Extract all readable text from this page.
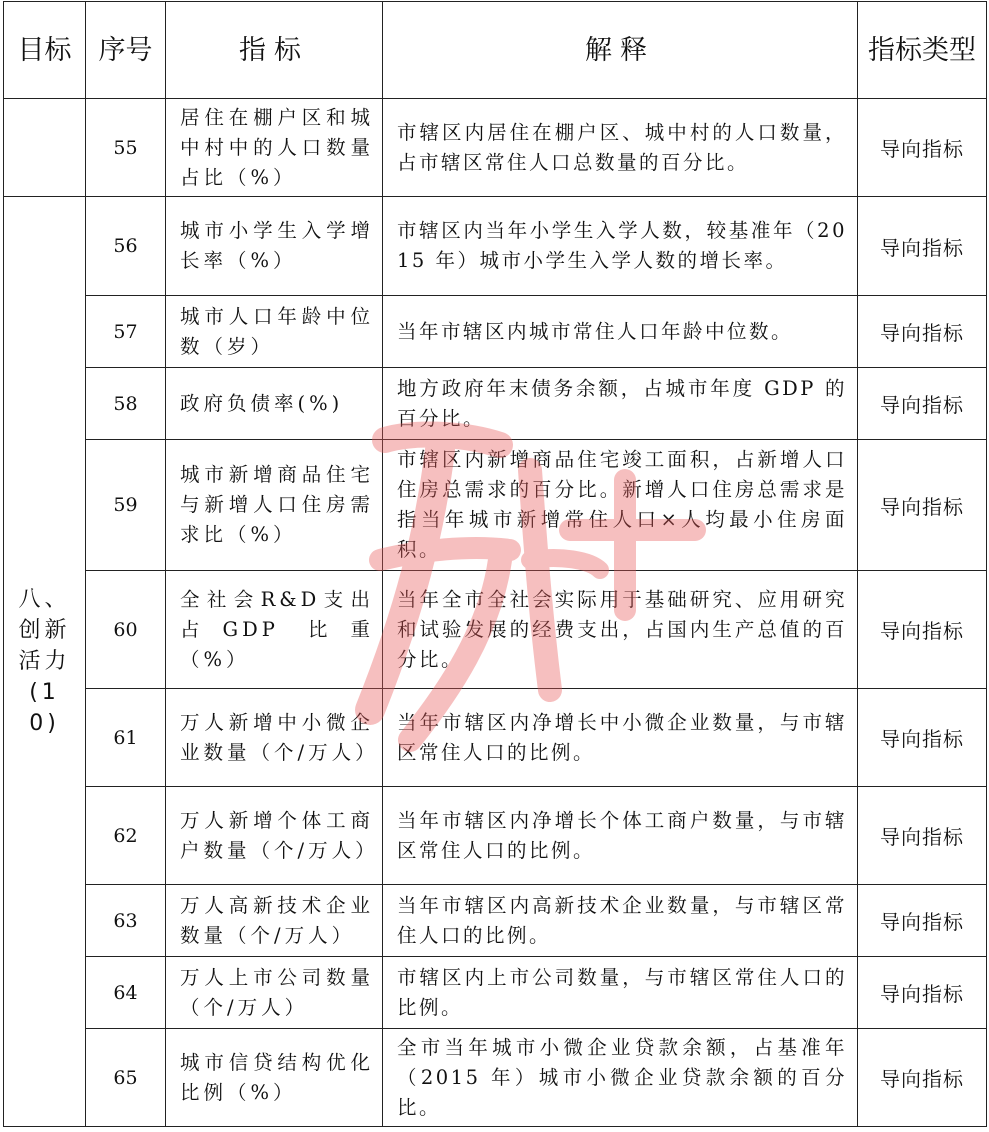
目标	序号	指标	解释	指标类型
	55	居住在棚户区和城中村中的人口数量占比（%）	市辖区内居住在棚户区、城中村的人口数量，占市辖区常住人口总数量的百分比。	导向指标
八、创新活力(10)	56	城市小学生入学增长率（%）	市辖区内当年小学生入学人数，较基准年（2015 年）城市小学生入学人数的增长率。	导向指标
	57	城市人口年龄中位数（岁）	当年市辖区内城市常住人口年龄中位数。	导向指标
	58	政府负债率(%)	地方政府年末债务余额，占城市年度 GDP 的百分比。	导向指标
	59	城市新增商品住宅与新增人口住房需求比（%）	市辖区内新增商品住宅竣工面积，占新增人口住房总需求的百分比。新增人口住房总需求是指当年城市新增常住人口×人均最小住房面积。	导向指标
	60	全社会R&D支出占GDP 比重（%）	当年全市全社会实际用于基础研究、应用研究和试验发展的经费支出，占国内生产总值的百分比。	导向指标
	61	万人新增中小微企业数量（个/万人）	当年市辖区内净增长中小微企业数量，与市辖区常住人口的比例。	导向指标
	62	万人新增个体工商户数量（个/万人）	当年市辖区内净增长个体工商户数量，与市辖区常住人口的比例。	导向指标
	63	万人高新技术企业数量（个/万人）	当年市辖区内高新技术企业数量，与市辖区常住人口的比例。	导向指标
	64	万人上市公司数量（个/万人）	市辖区内上市公司数量，与市辖区常住人口的比例。	导向指标
	65	城市信贷结构优化比例（%）	全市当年城市小微企业贷款余额，占基准年（2015 年）城市小微企业贷款余额的百分比。	导向指标
